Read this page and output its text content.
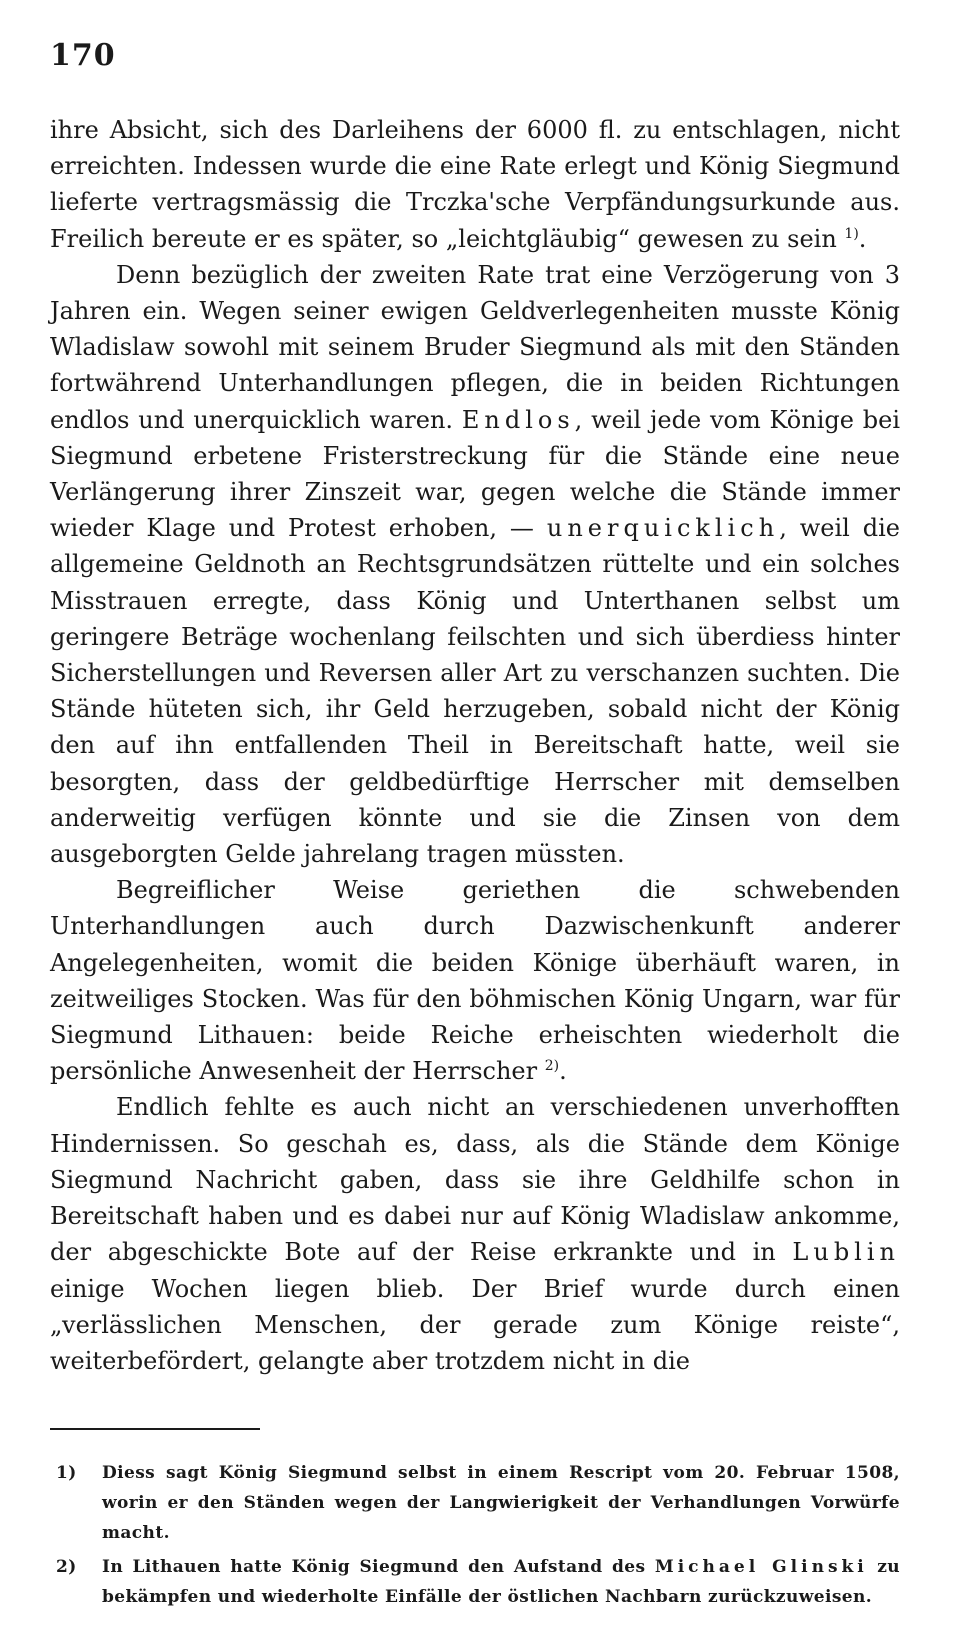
170

ihre Absicht, sich des Darleihens der 6000 fl. zu entschlagen, nicht erreichten. Indessen wurde die eine Rate erlegt und König Siegmund lieferte vertragsmässig die Trczka'sche Verpfändungsurkunde aus. Freilich bereute er es später, so „leichtgläubig“ gewesen zu sein $^{1)}$.

Denn bezüglich der zweiten Rate trat eine Verzögerung von 3 Jahren ein. Wegen seiner ewigen Geldverlegenheiten musste König Wladislaw sowohl mit seinem Bruder Siegmund als mit den Ständen fortwährend Unterhandlungen pflegen, die in beiden Richtungen endlos und unerquicklich waren. Endlos, weil jede vom Könige bei Siegmund erbetene Fristerstreckung für die Stände eine neue Verlängerung ihrer Zinszeit war, gegen welche die Stände immer wieder Klage und Protest erhoben, — unerquicklich, weil die allgemeine Geldnoth an Rechtsgrundsätzen rüttelte und ein solches Misstrauen erregte, dass König und Unterthanen selbst um geringere Beträge wochenlang feilschten und sich überdiess hinter Sicherstellungen und Reversen aller Art zu verschanzen suchten. Die Stände hüteten sich, ihr Geld herzugeben, sobald nicht der König den auf ihn entfallenden Theil in Bereitschaft hatte, weil sie besorgten, dass der geldbedürftige Herrscher mit demselben anderweitig verfügen könnte und sie die Zinsen von dem ausgeborgten Gelde jahrelang tragen müssten.

Begreiflicher Weise geriethen die schwebenden Unterhandlungen auch durch Dazwischenkunft anderer Angelegenheiten, womit die beiden Könige überhäuft waren, in zeitweiliges Stocken. Was für den böhmischen König Ungarn, war für Siegmund Lithauen: beide Reiche erheischten wiederholt die persönliche Anwesenheit der Herrscher $^{2)}$.

Endlich fehlte es auch nicht an verschiedenen unverhofften Hindernissen. So geschah es, dass, als die Stände dem Könige Siegmund Nachricht gaben, dass sie ihre Geldhilfe schon in Bereitschaft haben und es dabei nur auf König Wladislaw ankomme, der abgeschickte Bote auf der Reise erkrankte und in Lublin einige Wochen liegen blieb. Der Brief wurde durch einen „verlässlichen Menschen, der gerade zum Könige reiste“, weiterbefördert, gelangte aber trotzdem nicht in die

1) Diess sagt König Siegmund selbst in einem Rescript vom 20. Februar 1508, worin er den Ständen wegen der Langwierigkeit der Verhandlungen Vorwürfe macht.
2) In Lithauen hatte König Siegmund den Aufstand des Michael Glinski zu bekämpfen und wiederholte Einfälle der östlichen Nachbarn zurückzuweisen.
